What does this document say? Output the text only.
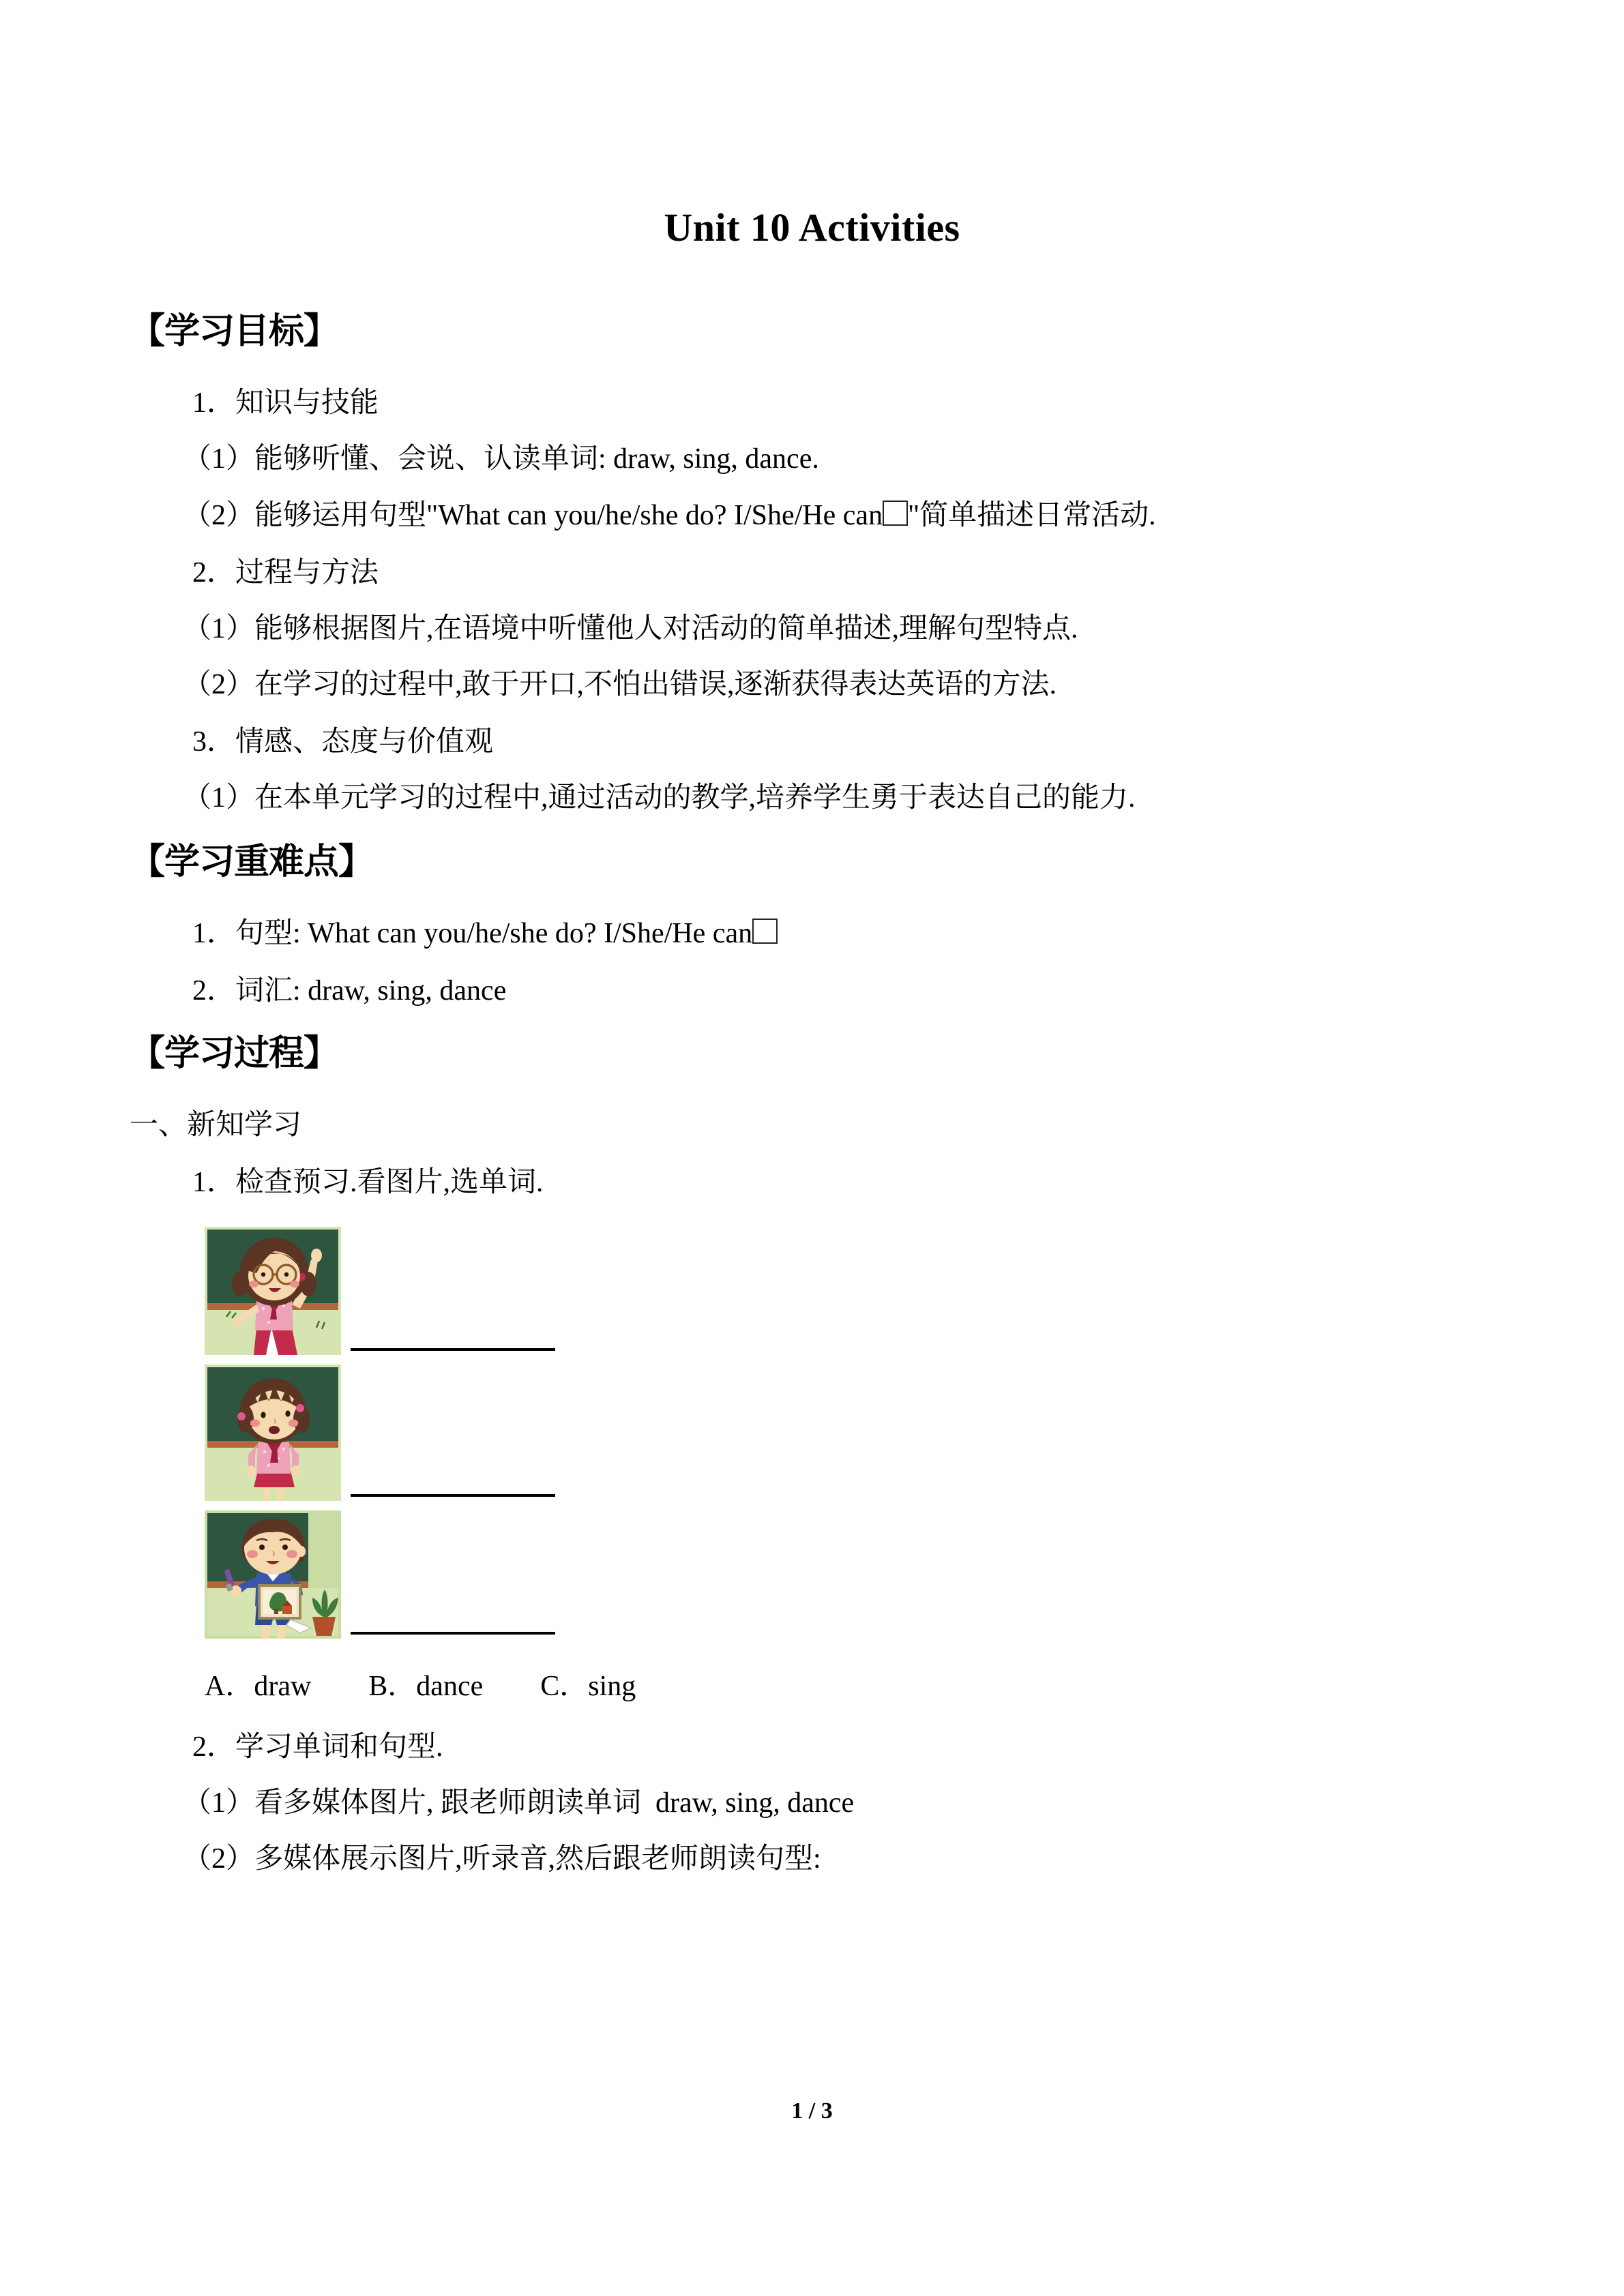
Unit 10 Activities
【学习目标】
1．知识与技能
（1）能够听懂、会说、认读单词: draw, sing, dance.
（2）能够运用句型"What can you/he/she do? I/She/He can "简单描述日常活动.
2．过程与方法
（1）能够根据图片,在语境中听懂他人对活动的简单描述,理解句型特点.
（2）在学习的过程中,敢于开口,不怕出错误,逐渐获得表达英语的方法.
3．情感、态度与价值观
（1）在本单元学习的过程中,通过活动的教学,培养学生勇于表达自己的能力.
【学习重难点】
1．句型: What can you/he/she do? I/She/He can
2．词汇: draw, sing, dance
【学习过程】
一、新知学习
1．检查预习.看图片,选单词.
A．draw　　B．dance　　C．sing
2．学习单词和句型.
（1）看多媒体图片, 跟老师朗读单词  draw, sing, dance
（2）多媒体展示图片,听录音,然后跟老师朗读句型:
1 / 3
